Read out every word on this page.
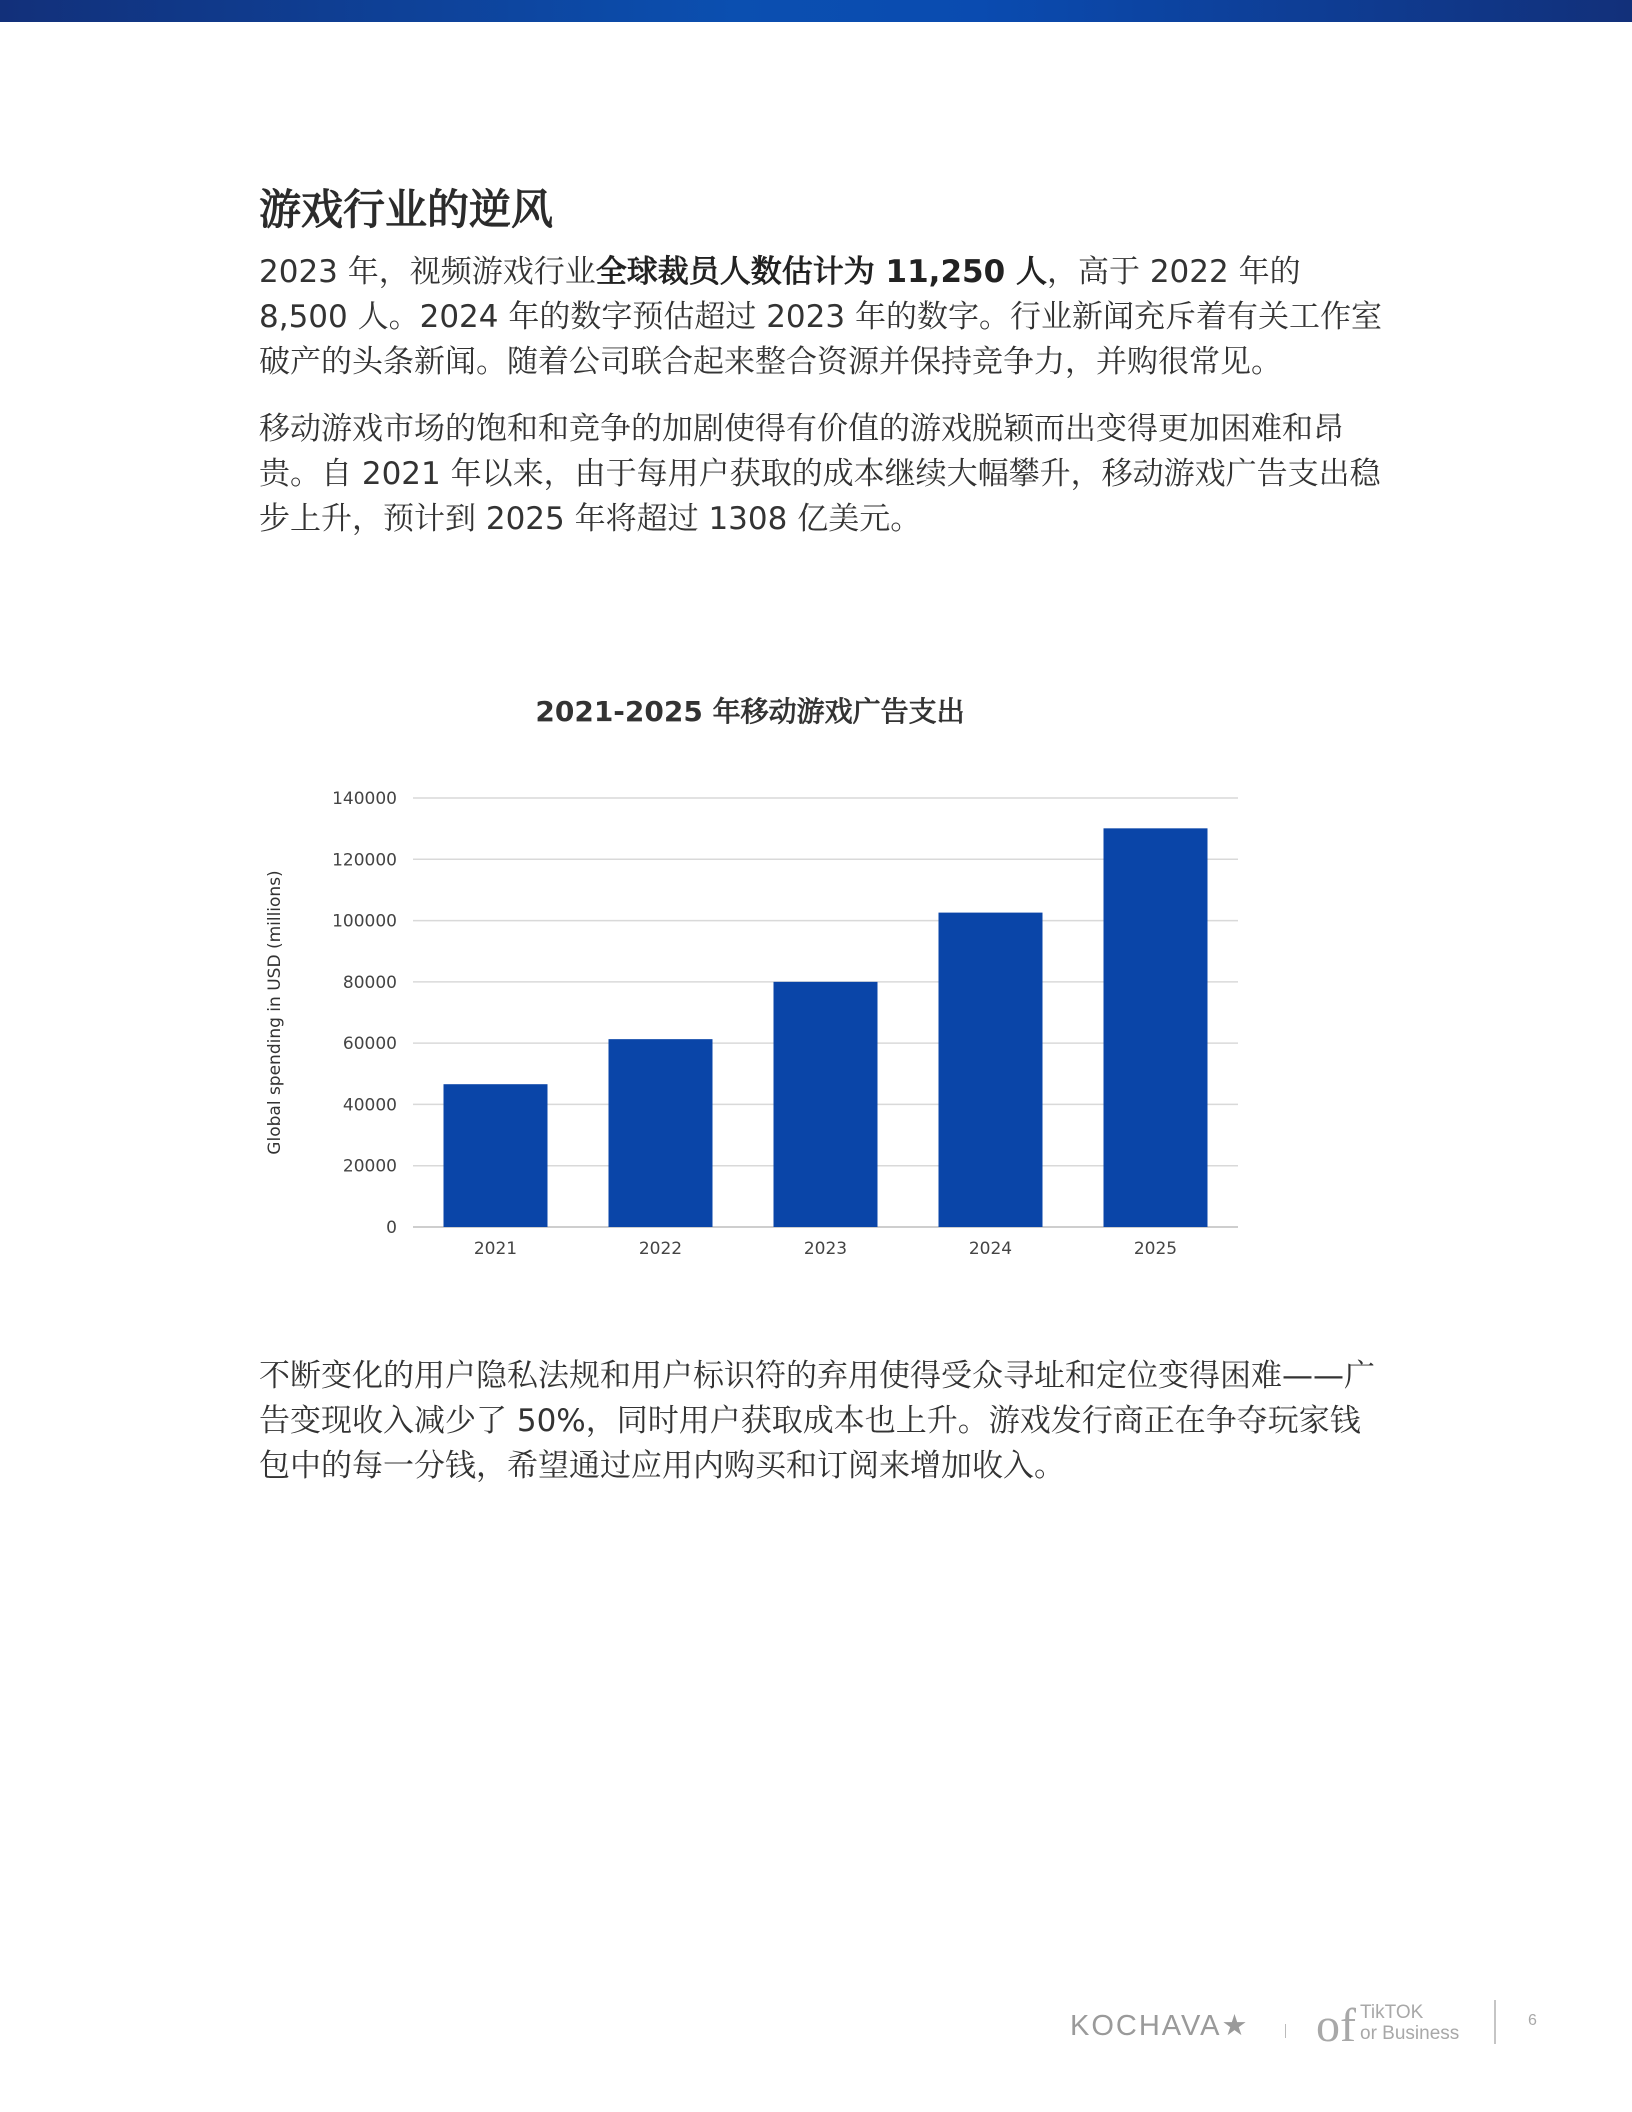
游戏行业的逆风

2023 年，视频游戏行业全球裁员人数估计为 11,250 人，高于 2022 年的 8,500 人。2024 年的数字预估超过 2023 年的数字。行业新闻充斥着有关工作室破产的头条新闻。随着公司联合起来整合资源并保持竞争力，并购很常见。

移动游戏市场的饱和和竞争的加剧使得有价值的游戏脱颖而出变得更加困难和昂贵。自 2021 年以来，由于每用户获取的成本继续大幅攀升，移动游戏广告支出稳步上升，预计到 2025 年将超过 1308 亿美元。

0
20000
40000
60000
80000
100000
120000
140000
2021	2022	2023	2024	2025
Global spending in USD (millions)
2021-2025 年移动游戏广告支出

不断变化的用户隐私法规和用户标识符的弃用使得受众寻址和定位变得困难——广告变现收入减少了 50%，同时用户获取成本也上升。游戏发行商正在争夺玩家钱包中的每一分钱，希望通过应用内购买和订阅来增加收入。

KOCHAVA★ of TikTOK
or Business
6
